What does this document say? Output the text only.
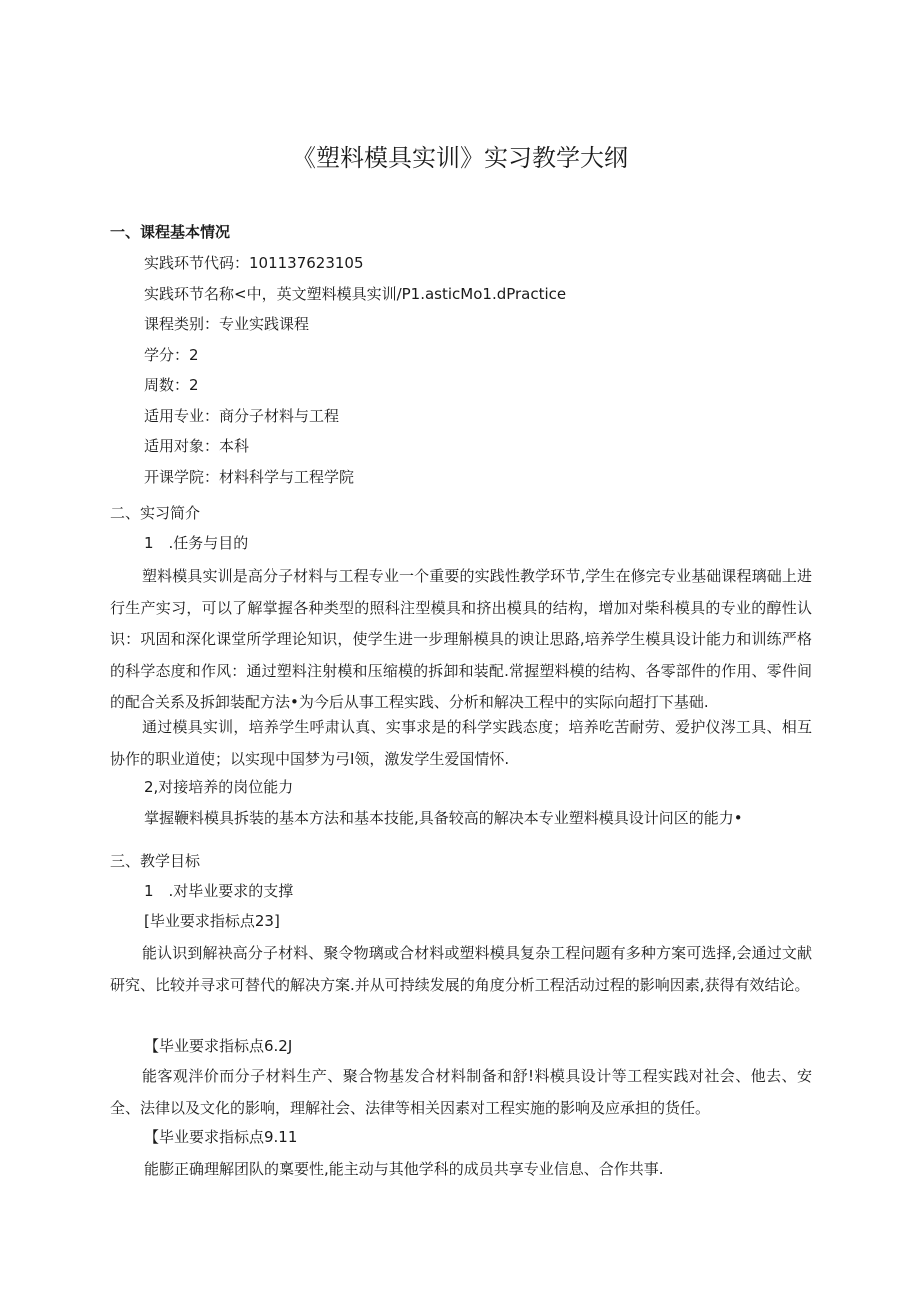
《塑料模具实训》实习教学大纲
一、课程基本情况
实践环节代码：101137623105
实践环节名称<中，英文塑料模具实训/P1.asticMo1.dPractice
课程类别：专业实践课程
学分：2
周数：2
适用专业：商分子材料与工程
适用对象：本科
开课学院：材料科学与工程学院
二、实习简介
1　.任务与目的
塑料模具实训是高分子材料与工程专业一个重要的实践性教学环节,学生在修完专业基础课程璃础上进行生产实习，可以了解掌握各种类型的照科注型模具和挤出模具的结构，增加对柴科模具的专业的醇性认识：巩固和深化课堂所学理论知识，使学生进一步理斛模具的谀让思路,培养学生模具设计能力和训练严格的科学态度和作风：通过塑料注射模和压缩模的拆卸和装配.常握塑料模的结构、各零部件的作用、零件间的配合关系及拆卸装配方法•为今后从事工程实践、分析和解决工程中的实际向超打下基础.
通过模具实训，培养学生呼肃认真、实事求是的科学实践态度；培养吃苦耐劳、爱护仪涔工具、相互协作的职业道使；以实现中国梦为弓I领，激发学生爱国情怀.
2,对接培养的岗位能力
掌握鞭料模具拆装的基本方法和基本技能,具备较高的解决本专业塑料模具设计问区的能力•
三、教学目标
1　.对毕业要求的支撑
[毕业要求指标点23]
能认识到解袂高分子材料、聚令物璃或合材料或塑料模具复杂工程问题有多种方案可选择,会通过文献研究、比较并寻求可替代的解决方案.并从可持续发展的角度分析工程活动过程的影响因素,获得有效结论。
【毕业要求指标点6.2J
能客观泮价而分子材料生产、聚合物基发合材料制备和舒!料模具设计等工程实践对社会、他去、安全、法律以及文化的影响，理解社会、法律等相关因素对工程实施的影响及应承担的货任。
【毕业要求指标点9.11
能膨正确理解团队的稟要性,能主动与其他学科的成员共享专业信息、合作共事.
